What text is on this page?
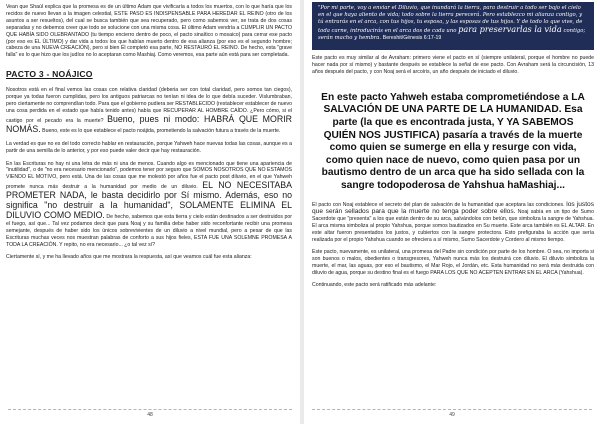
Vean que Shaúl explica que la promesa es de un último Adam que vivificaría a todos los muertos, con lo que haría que los recidos de nuevo llevan a la imagen celestial, ESTE PASO ES INDISPENSABLE PARA HEREDAR EL REINO (otro de los asuntos a ser resueltos), del cual se busca también que sea recuperado, pero como sabemos ver, se trata de dos cosas separadas y no debemos creer que todo se solucione con una misma cosa. El último Adam vendría a CUMPLIR UN PACTO QUE HABÍA SIDO OLEBRANTADO (tu tiempo encierro dentro de poco, el pacto sinaítico o mosaico) para cerrar ese pacto (por eso es EL ÚLTIMO) y dar vida a todos los que habían muerto dentro de esa alianza (por eso es el segundo hombre; cabeza de una NUEVA CREACIÓN), pero si bien Él completó esa parte, NO RESTAURÓ EL REINO. De hecho, esta "grave falla" es lo que hizo que los judíos no lo aceptaran como Mashiaj. Como veremos, esa parte aún está para ser completada.

PACTO 3 - NOÁJICO

Nosotros está en el final vemos las cosas con relativa claridad (deberia ser con total claridad, pero somos tan ciegos), porque ya todas fueron cumplidas, pero los antiguos patriarcas no tenían ni idea de lo que debía suceder. Vislumbraban, pero ciertamente no comprendían todo. Para que el gobierno pudiera ser RESTABLECIDO (restablecer establecer de nuevo una cosa perdida en el estado que había tenido antes) había que RECUPERAR AL HOMBRE CAÍDO. ¿Pero cómo, si el castigo por el pecado era la muerte? Bueno, pues ni modo: HABRÁ QUE MORIR NOMÁS. Bueno, este es lo que establece el pacto noájida, prometiendo la salvación futura a través de la muerte.

La verdad es que no es del todo correcto hablar en restauración, porque Yahweh hace nuevas todas las cosas, aunque es a partir de una semilla de lo anterior, y por eso puede valer decir que hay restauración.

En las Escrituras no hay ni una letra de más ni una de menos. Cuando algo es mencionado que tiene una apariencia de "inutilidad", o de "no era necesario mencionarlo", podemos tener por seguro que SOMOS NOSOTROS QUE NO ESTAMOS VIENDO EL MOTIVO, pero está. Una de las cosas que me molestó por años fue el pacto post diluvio, en el que Yahweh promete nunca más destruir a la humanidad por medio de un diluvio. EL NO NECESITABA PROMETER NADA, le basta decidirlo por Sí mismo. Además, eso no significa "no destruir a la humanidad", SOLAMENTE ELIMINA EL DILUVIO COMO MEDIO. De hecho, sabemos que esta tierra y cielo están destinados a ser destruidos por el fuego, así que... Tal vez podamos decir que para Noaj y su familia debe haber sido reconfortante recibir una promesa semejante, después de haber sido los únicos sobrevivientes de un diluvio a nivel mundial, pero a pesar de que las Escrituras muchas veces nos muestran palabras de conforto a sus hijos fieles, ESTA FUE UNA SOLEMNE PROMESA A TODA LA CREACIÓN. Y repito, no era necesario... ¿o tal vez sí?

Ciertamente sí, y me ha llevado años que me mostrara la respuesta, así que veamos cuál fue esta alianza:

48
"Por mi parte, voy a enviar el Diluvio, que inundará la tierra, para destruir a todo ser bajo el cielo en el que haya aliento de vida; todo sobre la tierra perecerá. Pero establezco mi alianza contigo, y tú entrarás en el arca, con tus hijos, tu esposa, y las esposas de tus hijos. Y de todo lo que vive, de toda carne, introducirás en el arca dos de cada uno para preservarlas la vida contigo; serán macho y hembra. Bereshit/Génesis 6:17-19

Este pacto es muy similar al de Avraham: primero viene el pacto en sí (siempre unilateral, porque el hombre no puede hacer nada por sí mismo) y bastante después se establece la señal de ese pacto. Con Avraham será la circuncisión, 13 años después del pacto, y con Noaj será el arcoíris, un año después de iniciado el diluvio.

En este pacto Yahweh estaba comprometiéndose a LA SALVACIÓN DE UNA PARTE DE LA HUMANIDAD. Esa parte (la que es encontrada justa, Y YA SABEMOS QUIÉN NOS JUSTIFICA) pasaría a través de la muerte como quien se sumerge en ella y resurge con vida, como quien nace de nuevo, como quien pasa por un bautismo dentro de un arca que ha sido sellada con la sangre todopoderosa de Yahshua haMashiaj...

El pacto con Noaj establece el secreto del plan de salvación de la humanidad que aceptara las condiciones. los justos que serán sellados para que la muerte no tenga poder sobre ellos. Noaj sabía en un tipo de Sumo Sacerdote que "presenta" a los que están dentro de su arca, salvándolos con betún, que simboliza la sangre de Yahshua. El arca misma simboliza al propio Yahshua, porque somos bautizados en Su muerte. Este arca también es EL ALTAR. En este altar fueron presentados los justos, y cubiertos con la sangre protectora. Esto prefiguraba la acción que sería realizada por el propio Yahshua cuando se ofreciera a sí mismo, Sumo Sacerdote y Cordero al mismo tiempo.

Este pacto, nuevamente, es unilateral, una promesa del Padre sin condición por parte de los hombre. O sea, no importa si son buenos o malos, obedientes o transgresores, Yahweh nunca más los destruirá con diluvio. El diluvio simboliza la muerte, el mar, las aguas, por eso el bautismo, el Mar Rojo, el Jordán, etc. Esta humanidad no será más destruida con diluvio de agua, porque su destino final es el fuego PARA LOS QUE NO ACEPTEN ENTRAR EN EL ARCA (Yahshua).

Continuando, este pacto será ratificado más adelante:

49
